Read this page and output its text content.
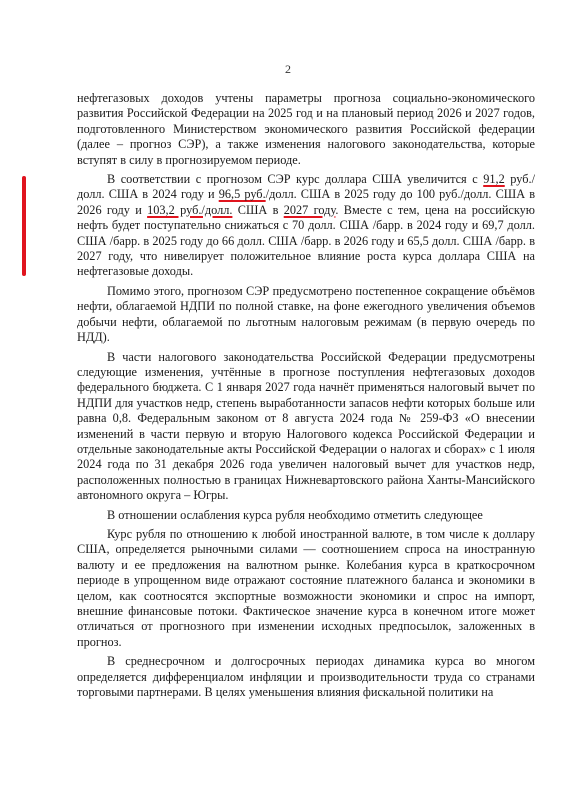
2

нефтегазовых доходов учтены параметры прогноза социально-экономического развития Российской Федерации на 2025 год и на плановый период 2026 и 2027 годов, подготовленного Министерством экономического развития Российской федерации (далее – прогноз СЭР), а также изменения налогового законодательства, которые вступят в силу в прогнозируемом периоде.

В соответствии с прогнозом СЭР курс доллара США увеличится с 91,2 руб./долл. США в 2024 году и 96,5 руб./долл. США в 2025 году до 100 руб./долл. США в 2026 году и 103,2 руб./долл. США в 2027 году. Вместе с тем, цена на российскую нефть будет поступательно снижаться с 70 долл. США /барр. в 2024 году и 69,7 долл. США /барр. в 2025 году до 66 долл. США /барр. в 2026 году и 65,5 долл. США /барр. в 2027 году, что нивелирует положительное влияние роста курса доллара США на нефтегазовые доходы.

Помимо этого, прогнозом СЭР предусмотрено постепенное сокращение объёмов нефти, облагаемой НДПИ по полной ставке, на фоне ежегодного увеличения объемов добычи нефти, облагаемой по льготным налоговым режимам (в первую очередь по НДД).

В части налогового законодательства Российской Федерации предусмотрены следующие изменения, учтённые в прогнозе поступления нефтегазовых доходов федерального бюджета. С 1 января 2027 года начнёт применяться налоговый вычет по НДПИ для участков недр, степень выработанности запасов нефти которых больше или равна 0,8. Федеральным законом от 8 августа 2024 года № 259-ФЗ «О внесении изменений в части первую и вторую Налогового кодекса Российской Федерации и отдельные законодательные акты Российской Федерации о налогах и сборах» с 1 июля 2024 года по 31 декабря 2026 года увеличен налоговый вычет для участков недр, расположенных полностью в границах Нижневартовского района Ханты-Мансийского автономного округа – Югры.

В отношении ослабления курса рубля необходимо отметить следующее

Курс рубля по отношению к любой иностранной валюте, в том числе к доллару США, определяется рыночными силами — соотношением спроса на иностранную валюту и ее предложения на валютном рынке. Колебания курса в краткосрочном периоде в упрощенном виде отражают состояние платежного баланса и экономики в целом, как соотносятся экспортные возможности экономики и спрос на импорт, внешние финансовые потоки. Фактическое значение курса в конечном итоге может отличаться от прогнозного при изменении исходных предпосылок, заложенных в прогноз.

В среднесрочном и долгосрочных периодах динамика курса во многом определяется дифференциалом инфляции и производительности труда со странами торговыми партнерами. В целях уменьшения влияния фискальной политики на
